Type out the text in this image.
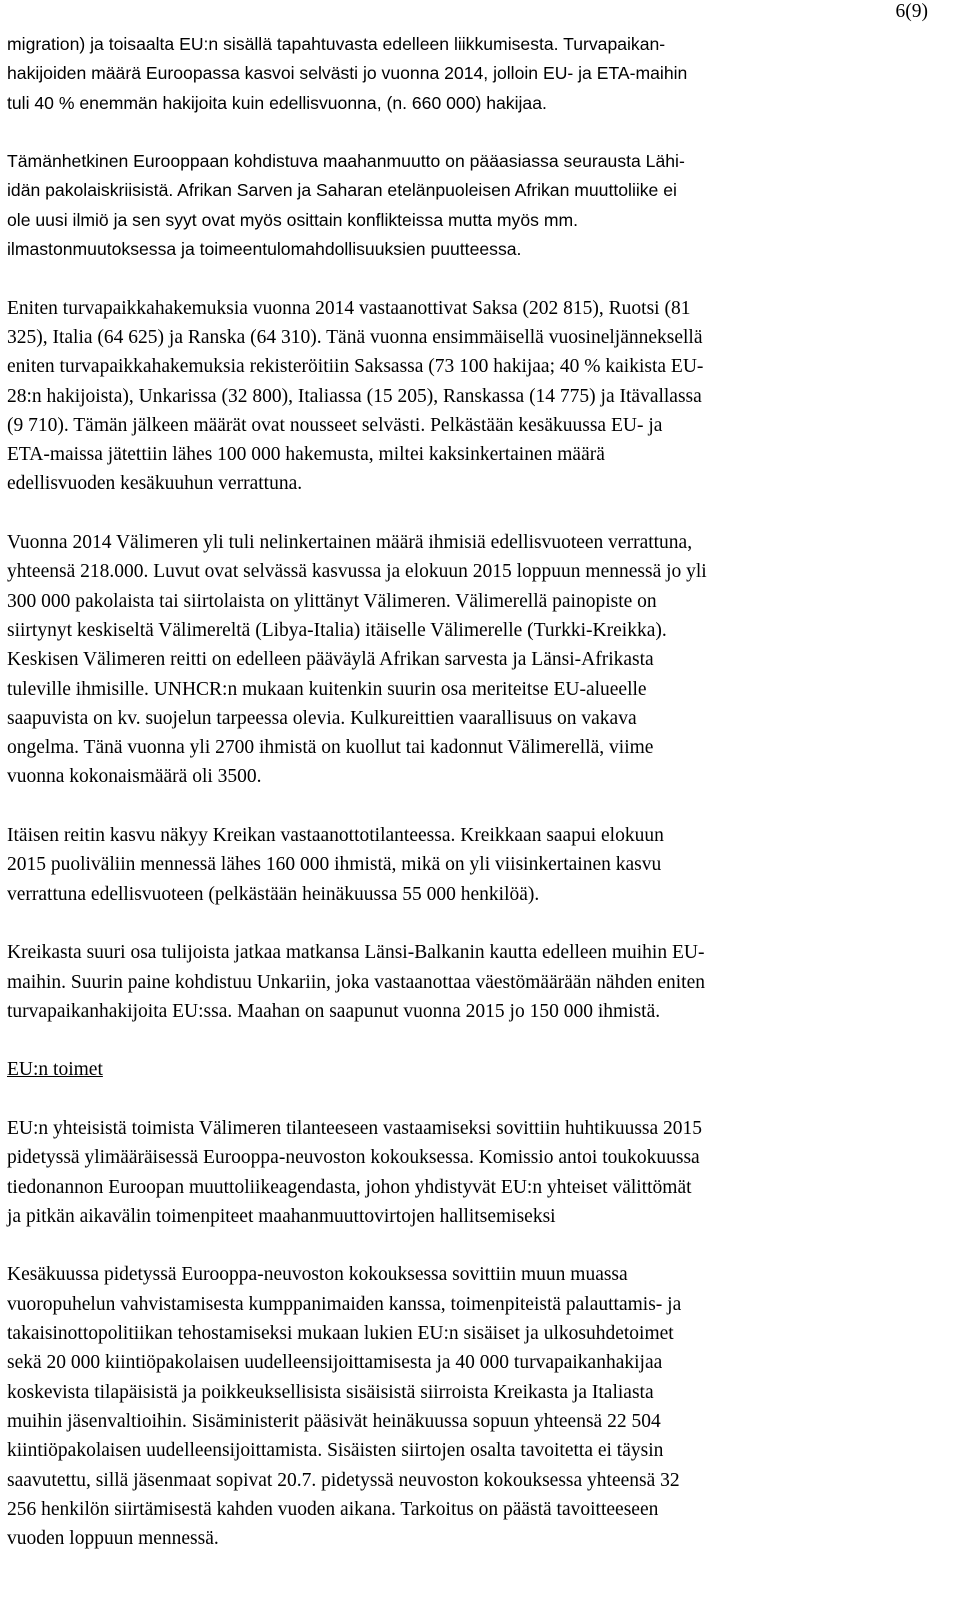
6(9)
migration) ja toisaalta EU:n sisällä tapahtuvasta edelleen liikkumisesta. Turvapaikan-
hakijoiden määrä Euroopassa kasvoi selvästi jo vuonna 2014, jolloin EU- ja ETA-maihin
tuli 40 % enemmän hakijoita kuin edellisvuonna, (n. 660 000) hakijaa.
Tämänhetkinen Eurooppaan kohdistuva maahanmuutto on pääasiassa seurausta Lähi-
idän pakolaiskriisistä. Afrikan Sarven ja Saharan etelänpuoleisen Afrikan muuttoliike ei
ole uusi ilmiö ja sen syyt ovat myös osittain konflikteissa mutta myös mm.
ilmastonmuutoksessa ja toimeentulomahdollisuuksien puutteessa.
Eniten turvapaikkahakemuksia vuonna 2014 vastaanottivat Saksa (202 815), Ruotsi (81
325), Italia (64 625) ja Ranska (64 310). Tänä vuonna ensimmäisellä vuosineljänneksellä
eniten turvapaikkahakemuksia rekisteröitiin Saksassa (73 100 hakijaa; 40 % kaikista EU-
28:n hakijoista), Unkarissa (32 800), Italiassa (15 205), Ranskassa (14 775) ja Itävallassa
(9 710). Tämän jälkeen määrät ovat nousseet selvästi. Pelkästään kesäkuussa EU- ja
ETA-maissa jätettiin lähes 100 000 hakemusta, miltei kaksinkertainen määrä
edellisvuoden kesäkuuhun verrattuna.
Vuonna 2014 Välimeren yli tuli nelinkertainen määrä ihmisiä edellisvuoteen verrattuna,
yhteensä 218.000. Luvut ovat selvässä kasvussa ja elokuun 2015 loppuun mennessä jo yli
300 000 pakolaista tai siirtolaista on ylittänyt Välimeren. Välimerellä painopiste on
siirtynyt keskiseltä Välimereltä (Libya-Italia) itäiselle Välimerelle (Turkki-Kreikka).
Keskisen Välimeren reitti on edelleen pääväylä Afrikan sarvesta ja Länsi-Afrikasta
tuleville ihmisille. UNHCR:n mukaan kuitenkin suurin osa meriteitse EU-alueelle
saapuvista on kv. suojelun tarpeessa olevia. Kulkureittien vaarallisuus on vakava
ongelma. Tänä vuonna yli 2700 ihmistä on kuollut tai kadonnut Välimerellä, viime
vuonna kokonaismäärä oli 3500.
Itäisen reitin kasvu näkyy Kreikan vastaanottotilanteessa. Kreikkaan saapui elokuun
2015 puoliväliin mennessä lähes 160 000 ihmistä, mikä on yli viisinkertainen kasvu
verrattuna edellisvuoteen (pelkästään heinäkuussa 55 000 henkilöä).
Kreikasta suuri osa tulijoista jatkaa matkansa Länsi-Balkanin kautta edelleen muihin EU-
maihin. Suurin paine kohdistuu Unkariin, joka vastaanottaa väestömäärään nähden eniten
turvapaikanhakijoita EU:ssa. Maahan on saapunut vuonna 2015 jo 150 000 ihmistä.
EU:n toimet
EU:n yhteisistä toimista Välimeren tilanteeseen vastaamiseksi sovittiin huhtikuussa 2015
pidetyssä ylimääräisessä Eurooppa-neuvoston kokouksessa. Komissio antoi toukokuussa
tiedonannon Euroopan muuttoliikeagendasta, johon yhdistyvät EU:n yhteiset välittömät
ja pitkän aikavälin toimenpiteet maahanmuuttovirtojen hallitsemiseksi
Kesäkuussa pidetyssä Eurooppa-neuvoston kokouksessa sovittiin muun muassa
vuoropuhelun vahvistamisesta kumppanimaiden kanssa, toimenpiteistä palauttamis- ja
takaisinottopolitiikan tehostamiseksi mukaan lukien EU:n sisäiset ja ulkosuhdetoimet
sekä 20 000 kiintiöpakolaisen uudelleensijoittamisesta ja 40 000 turvapaikanhakijaa
koskevista tilapäisistä ja poikkeuksellisista sisäisistä siirroista Kreikasta ja Italiasta
muihin jäsenvaltioihin. Sisäministerit pääsivät heinäkuussa sopuun yhteensä 22 504
kiintiöpakolaisen uudelleensijoittamista. Sisäisten siirtojen osalta tavoitetta ei täysin
saavutettu, sillä jäsenmaat sopivat 20.7. pidetyssä neuvoston kokouksessa yhteensä 32
256 henkilön siirtämisestä kahden vuoden aikana. Tarkoitus on päästä tavoitteeseen
vuoden loppuun mennessä.
